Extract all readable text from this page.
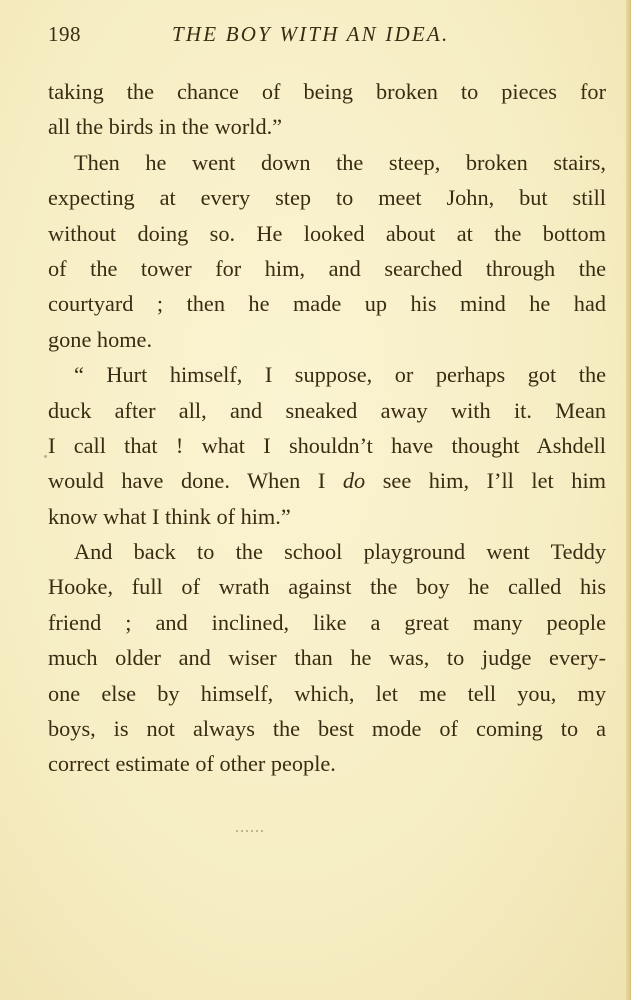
198	THE BOY WITH AN IDEA.
taking the chance of being broken to pieces for
all the birds in the world.”
Then he went down the steep, broken stairs,
expecting at every step to meet John, but still
without doing so. He looked about at the bottom
of the tower for him, and searched through the
courtyard ; then he made up his mind he had
gone home.
“ Hurt himself, I suppose, or perhaps got the
duck after all, and sneaked away with it. Mean
I call that ! what I shouldn’t have thought Ashdell
would have done. When I do see him, I’ll let him
know what I think of him.”
And back to the school playground went Teddy
Hooke, full of wrath against the boy he called his
friend ; and inclined, like a great many people
much older and wiser than he was, to judge every-
one else by himself, which, let me tell you, my
boys, is not always the best mode of coming to a
correct estimate of other people.
